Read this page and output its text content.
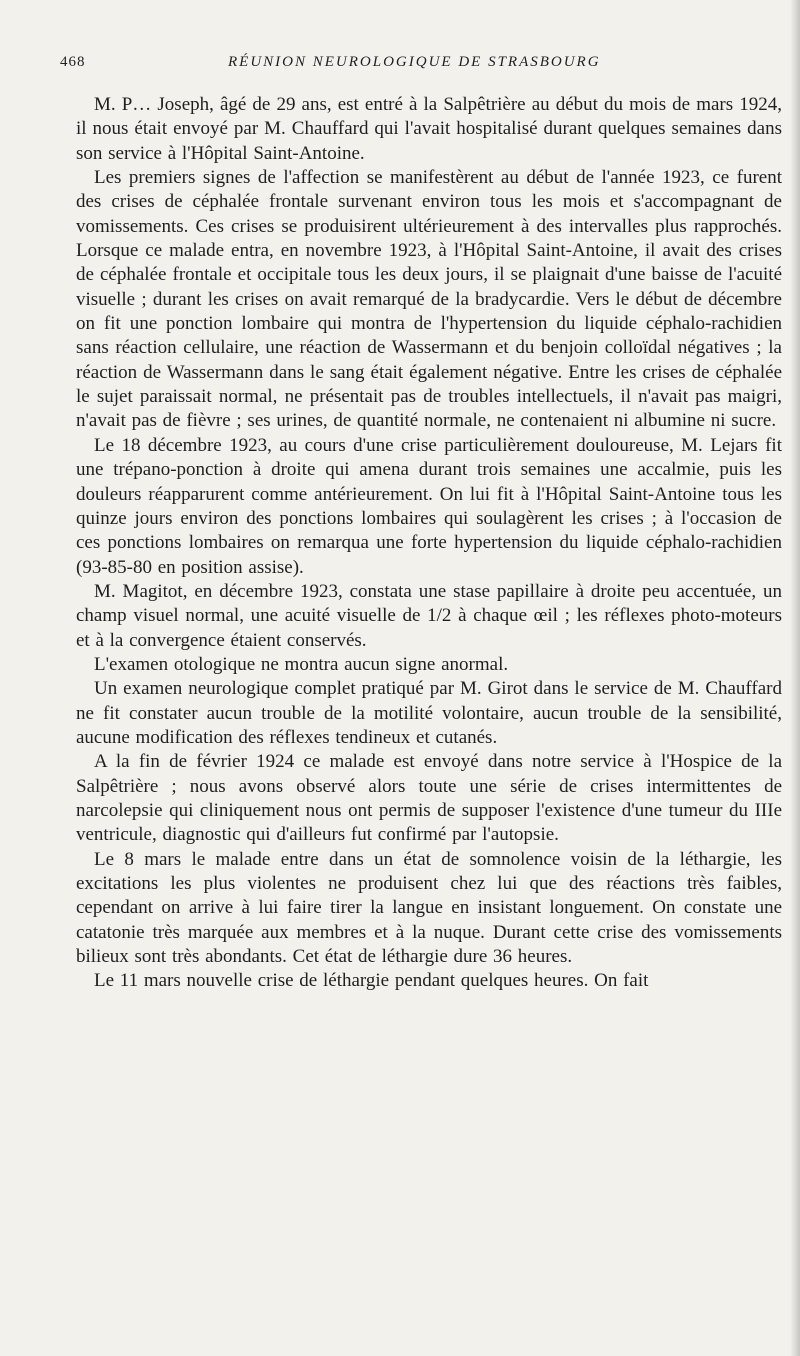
468	RÉUNION NEUROLOGIQUE DE STRASBOURG

M. P… Joseph, âgé de 29 ans, est entré à la Salpêtrière au début du mois de mars 1924, il nous était envoyé par M. Chauffard qui l'avait hospitalisé durant quelques semaines dans son service à l'Hôpital Saint-Antoine.

Les premiers signes de l'affection se manifestèrent au début de l'année 1923, ce furent des crises de céphalée frontale survenant environ tous les mois et s'accompagnant de vomissements. Ces crises se produisirent ultérieurement à des intervalles plus rapprochés. Lorsque ce malade entra, en novembre 1923, à l'Hôpital Saint-Antoine, il avait des crises de céphalée frontale et occipitale tous les deux jours, il se plaignait d'une baisse de l'acuité visuelle ; durant les crises on avait remarqué de la bradycardie. Vers le début de décembre on fit une ponction lombaire qui montra de l'hypertension du liquide céphalo-rachidien sans réaction cellulaire, une réaction de Wassermann et du benjoin colloïdal négatives ; la réaction de Wassermann dans le sang était également négative. Entre les crises de céphalée le sujet paraissait normal, ne présentait pas de troubles intellectuels, il n'avait pas maigri, n'avait pas de fièvre ; ses urines, de quantité normale, ne contenaient ni albumine ni sucre.

Le 18 décembre 1923, au cours d'une crise particulièrement douloureuse, M. Lejars fit une trépano-ponction à droite qui amena durant trois semaines une accalmie, puis les douleurs réapparurent comme antérieurement. On lui fit à l'Hôpital Saint-Antoine tous les quinze jours environ des ponctions lombaires qui soulagèrent les crises ; à l'occasion de ces ponctions lombaires on remarqua une forte hypertension du liquide céphalo-rachidien (93-85-80 en position assise).

M. Magitot, en décembre 1923, constata une stase papillaire à droite peu accentuée, un champ visuel normal, une acuité visuelle de 1/2 à chaque œil ; les réflexes photo-moteurs et à la convergence étaient conservés.

L'examen otologique ne montra aucun signe anormal.

Un examen neurologique complet pratiqué par M. Girot dans le service de M. Chauffard ne fit constater aucun trouble de la motilité volontaire, aucun trouble de la sensibilité, aucune modification des réflexes tendineux et cutanés.

A la fin de février 1924 ce malade est envoyé dans notre service à l'Hospice de la Salpêtrière ; nous avons observé alors toute une série de crises intermittentes de narcolepsie qui cliniquement nous ont permis de supposer l'existence d'une tumeur du IIIe ventricule, diagnostic qui d'ailleurs fut confirmé par l'autopsie.

Le 8 mars le malade entre dans un état de somnolence voisin de la léthargie, les excitations les plus violentes ne produisent chez lui que des réactions très faibles, cependant on arrive à lui faire tirer la langue en insistant longuement. On constate une catatonie très marquée aux membres et à la nuque. Durant cette crise des vomissements bilieux sont très abondants. Cet état de léthargie dure 36 heures.

Le 11 mars nouvelle crise de léthargie pendant quelques heures. On fait
